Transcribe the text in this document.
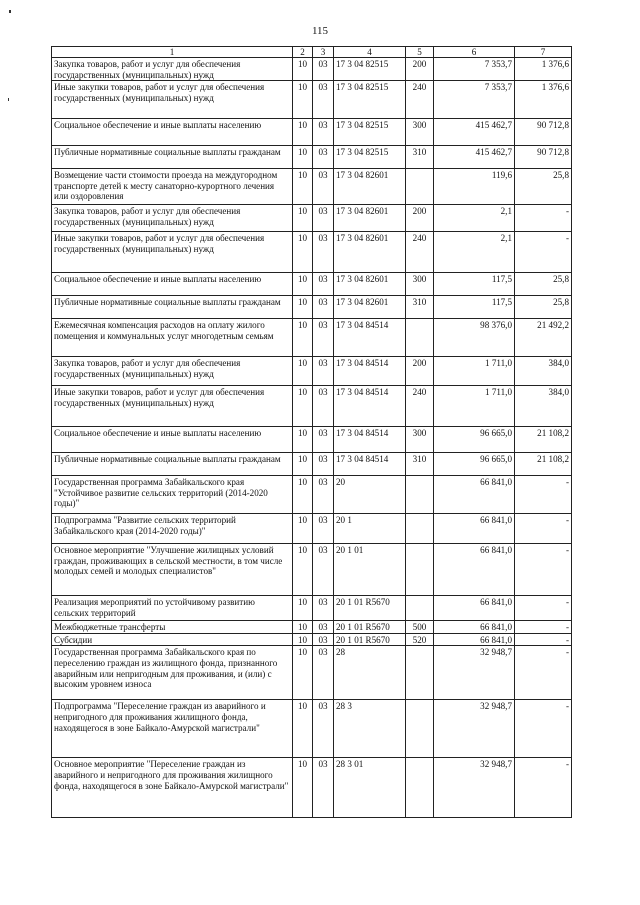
115
1	2	3	4	5	6	7
Закупка товаров, работ и услуг для обеспечения государственных (муниципальных) нужд	10	03	17 3 04 82515	200	7 353,7	1 376,6
Иные закупки товаров, работ и услуг для обеспечения государственных (муниципальных) нужд	10	03	17 3 04 82515	240	7 353,7	1 376,6
Социальное обеспечение и иные выплаты населению	10	03	17 3 04 82515	300	415 462,7	90 712,8
Публичные нормативные социальные выплаты гражданам	10	03	17 3 04 82515	310	415 462,7	90 712,8
Возмещение части стоимости проезда на междугородном транспорте детей к месту санаторно-курортного лечения или оздоровления	10	03	17 3 04 82601		119,6	25,8
Закупка товаров, работ и услуг для обеспечения государственных (муниципальных) нужд	10	03	17 3 04 82601	200	2,1	-
Иные закупки товаров, работ и услуг для обеспечения государственных (муниципальных) нужд	10	03	17 3 04 82601	240	2,1	-
Социальное обеспечение и иные выплаты населению	10	03	17 3 04 82601	300	117,5	25,8
Публичные нормативные социальные выплаты гражданам	10	03	17 3 04 82601	310	117,5	25,8
Ежемесячная компенсация расходов на оплату жилого помещения и коммунальных услуг многодетным семьям	10	03	17 3 04 84514		98 376,0	21 492,2
Закупка товаров, работ и услуг для обеспечения государственных (муниципальных) нужд	10	03	17 3 04 84514	200	1 711,0	384,0
Иные закупки товаров, работ и услуг для обеспечения государственных (муниципальных) нужд	10	03	17 3 04 84514	240	1 711,0	384,0
Социальное обеспечение и иные выплаты населению	10	03	17 3 04 84514	300	96 665,0	21 108,2
Публичные нормативные социальные выплаты гражданам	10	03	17 3 04 84514	310	96 665,0	21 108,2
Государственная программа Забайкальского края "Устойчивое развитие сельских территорий (2014-2020 годы)"	10	03	20		66 841,0	-
Подпрограмма "Развитие сельских территорий Забайкальского края (2014-2020 годы)"	10	03	20 1		66 841,0	-
Основное мероприятие "Улучшение жилищных условий граждан, проживающих в сельской местности, в том числе молодых семей и молодых специалистов"	10	03	20 1 01		66 841,0	-
Реализация мероприятий по устойчивому развитию сельских территорий	10	03	20 1 01 R5670		66 841,0	-
Межбюджетные трансферты	10	03	20 1 01 R5670	500	66 841,0	-
Субсидии	10	03	20 1 01 R5670	520	66 841,0	-
Государственная программа Забайкальского края по переселению граждан из жилищного фонда, признанного аварийным или непригодным для проживания, и (или) с высоким уровнем износа	10	03	28		32 948,7	-
Подпрограмма "Переселение граждан из аварийного и непригодного для проживания жилищного фонда, находящегося в зоне Байкало-Амурской магистрали"	10	03	28 3		32 948,7	-
Основное мероприятие "Переселение граждан из аварийного и непригодного для проживания жилищного фонда, находящегося в зоне Байкало-Амурской магистрали"	10	03	28 3 01		32 948,7	-
